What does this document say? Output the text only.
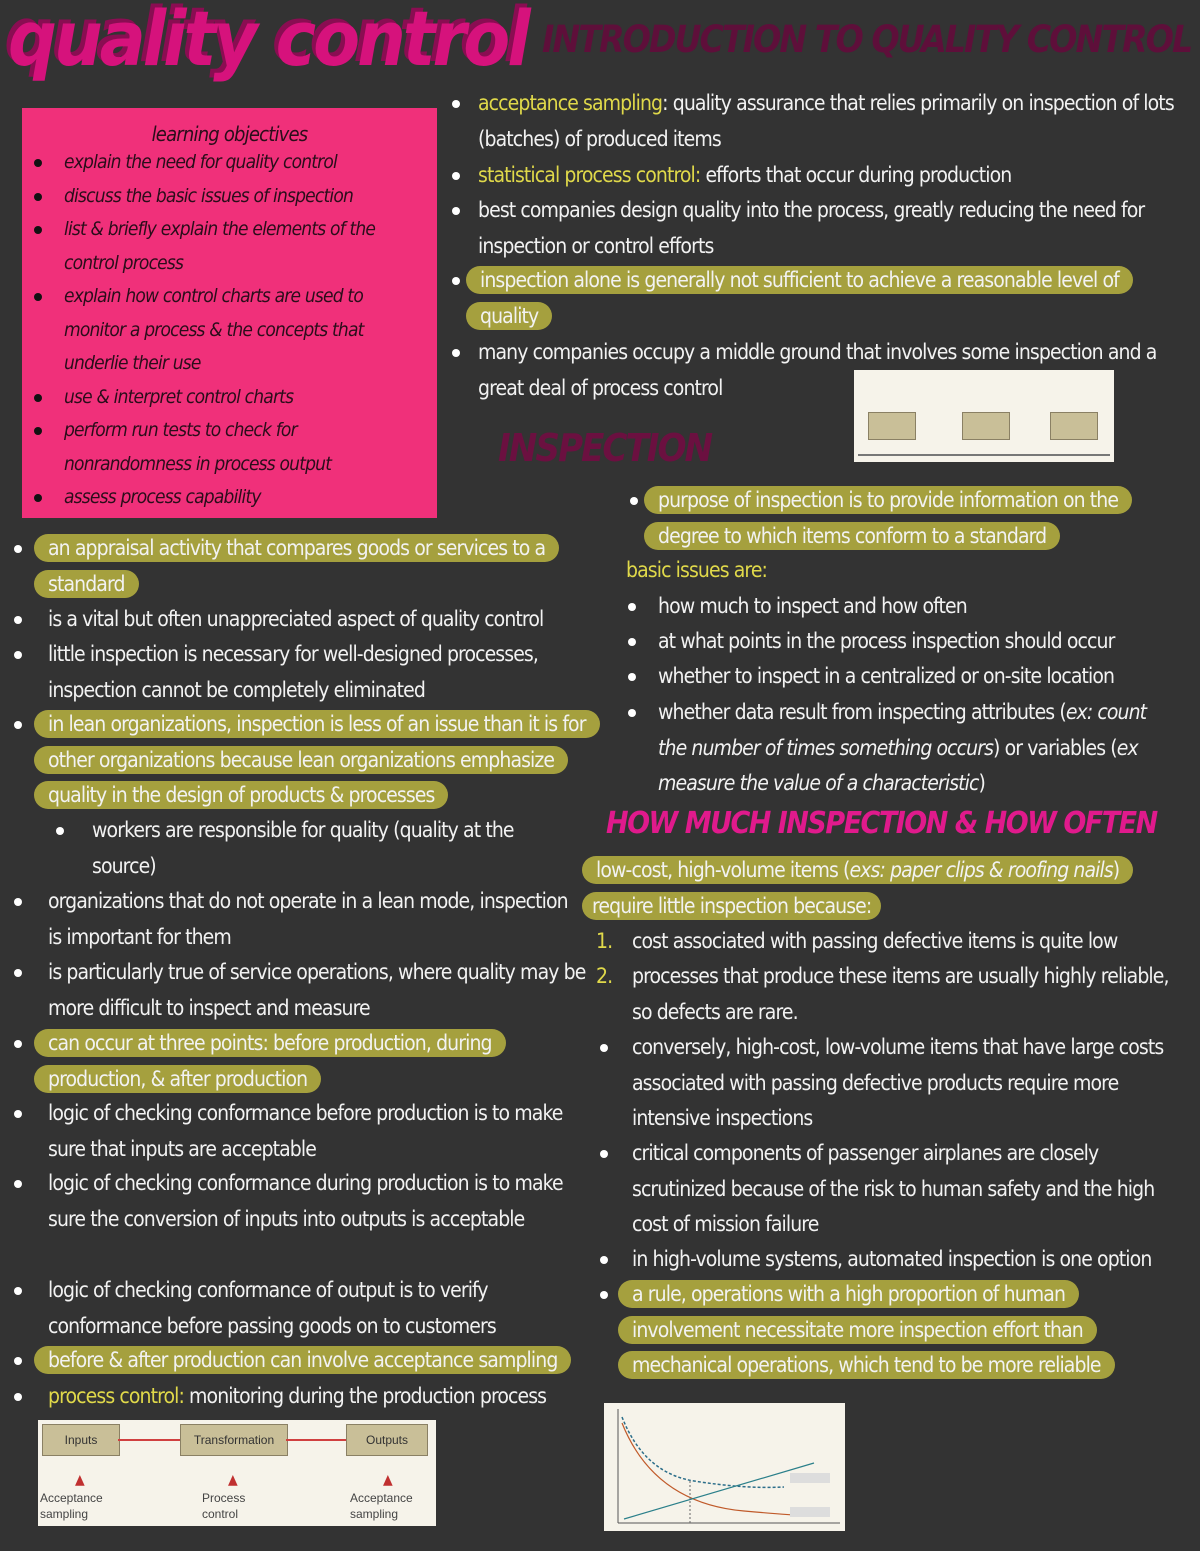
quality control INTRODUCTION TO QUALITY CONTROL
learning objectives
explain the need for quality control
discuss the basic issues of inspection
list & briefly explain the elements of the control process
explain how control charts are used to monitor a process & the concepts that underlie their use
use & interpret control charts
perform run tests to check for nonrandomness in process output
assess process capability
acceptance sampling: quality assurance that relies primarily on inspection of lots (batches) of produced items
statistical process control: efforts that occur during production
best companies design quality into the process, greatly reducing the need for inspection or control efforts
inspection alone is generally not sufficient to achieve a reasonable level of quality
many companies occupy a middle ground that involves some inspection and a great deal of process control
INSPECTION
an appraisal activity that compares goods or services to a standard
is a vital but often unappreciated aspect of quality control
little inspection is necessary for well-designed processes, inspection cannot be completely eliminated
in lean organizations, inspection is less of an issue than it is for other organizations because lean organizations emphasize quality in the design of products & processes
workers are responsible for quality (quality at the source)
organizations that do not operate in a lean mode, inspection is important for them
is particularly true of service operations, where quality may be more difficult to inspect and measure
can occur at three points: before production, during production, & after production
logic of checking conformance before production is to make sure that inputs are acceptable
logic of checking conformance during production is to make sure the conversion of inputs into outputs is acceptable
logic of checking conformance of output is to verify conformance before passing goods on to customers
before & after production can involve acceptance sampling
process control: monitoring during the production process
Inputs	Transformation	Outputs
▲	▲	▲
Acceptance sampling
Process control
Acceptance sampling
purpose of inspection is to provide information on the degree to which items conform to a standard
basic issues are:
how much to inspect and how often
at what points in the process inspection should occur
whether to inspect in a centralized or on-site location
whether data result from inspecting attributes (ex: count the number of times something occurs) or variables (ex measure the value of a characteristic)
HOW MUCH INSPECTION & HOW OFTEN
low-cost, high-volume items (exs: paper clips & roofing nails)
require little inspection because:
1. cost associated with passing defective items is quite low
2. processes that produce these items are usually highly reliable, so defects are rare.
conversely, high-cost, low-volume items that have large costs associated with passing defective products require more intensive inspections
critical components of passenger airplanes are closely scrutinized because of the risk to human safety and the high cost of mission failure
in high-volume systems, automated inspection is one option
a rule, operations with a high proportion of human involvement necessitate more inspection effort than mechanical operations, which tend to be more reliable
